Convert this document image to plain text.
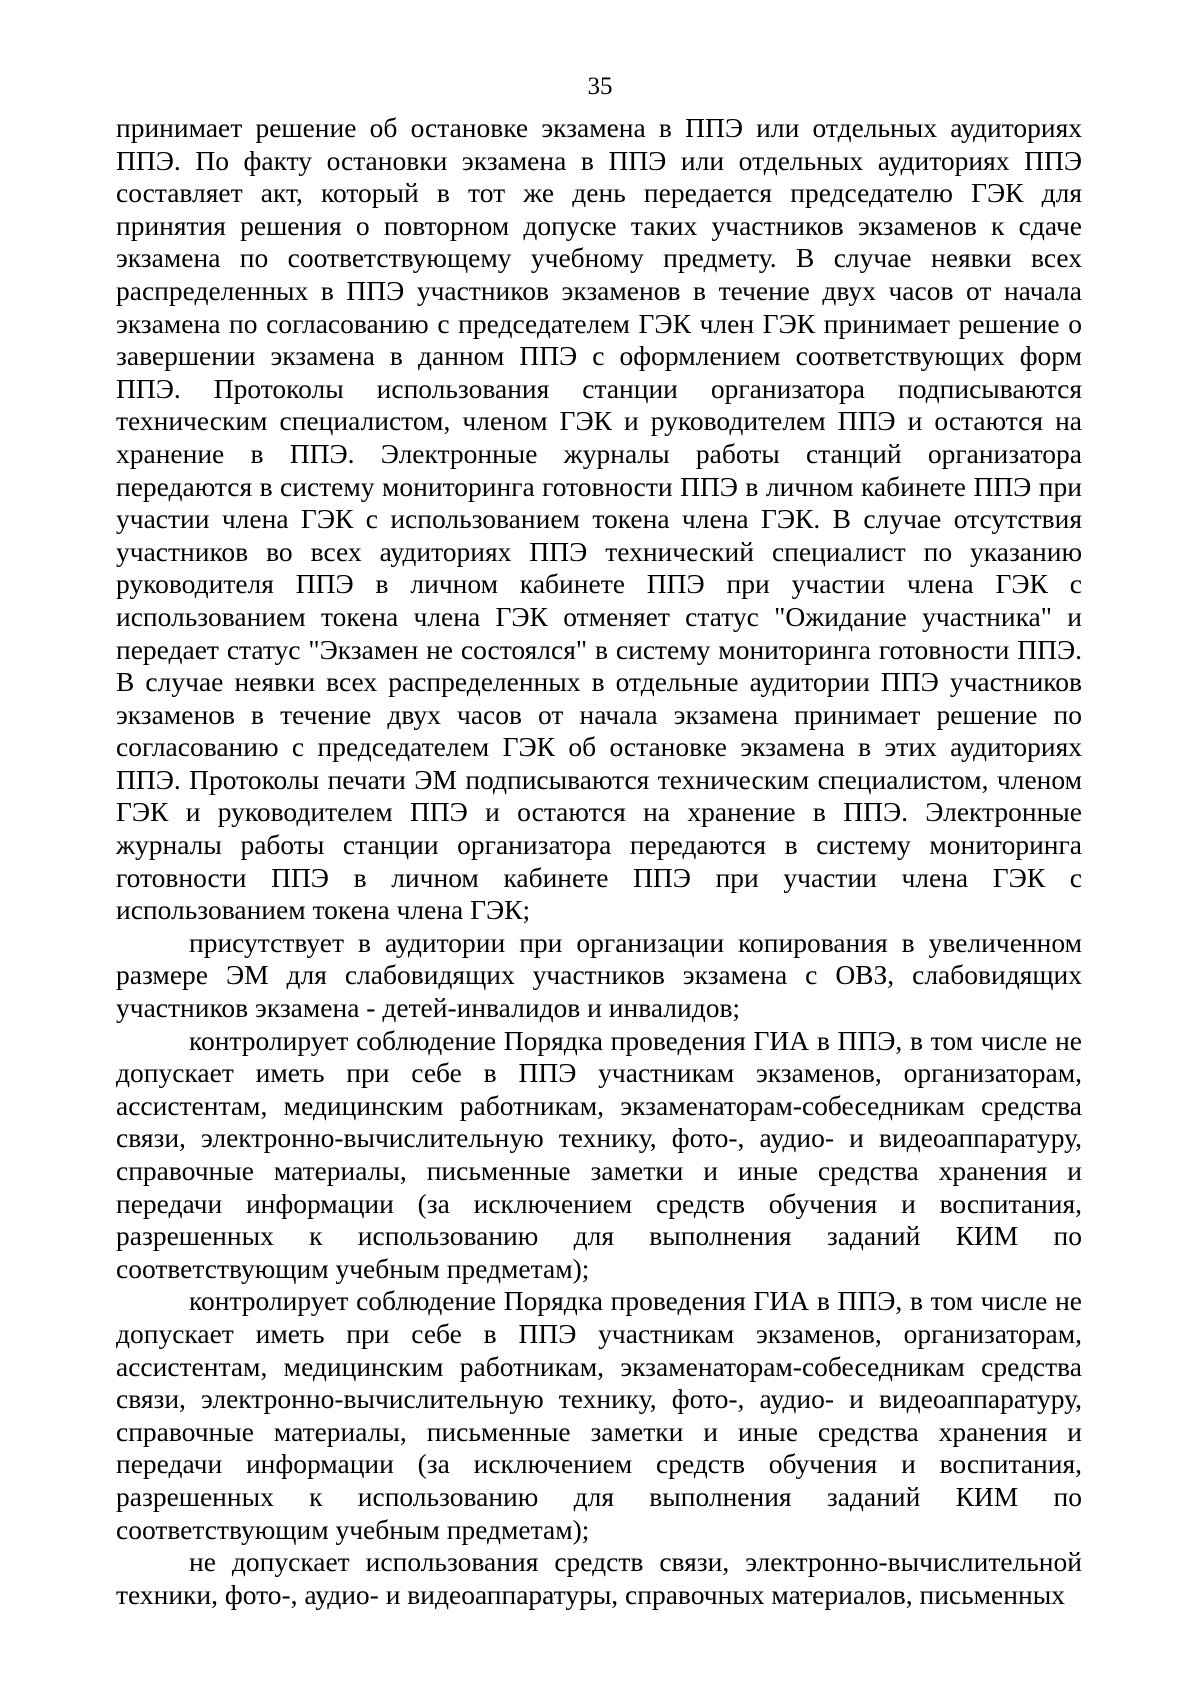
35

принимает решение об остановке экзамена в ППЭ или отдельных аудиториях ППЭ. По факту остановки экзамена в ППЭ или отдельных аудиториях ППЭ составляет акт, который в тот же день передается председателю ГЭК для принятия решения о повторном допуске таких участников экзаменов к сдаче экзамена по соответствующему учебному предмету. В случае неявки всех распределенных в ППЭ участников экзаменов в течение двух часов от начала экзамена по согласованию с председателем ГЭК член ГЭК принимает решение о завершении экзамена в данном ППЭ с оформлением соответствующих форм ППЭ. Протоколы использования станции организатора подписываются техническим специалистом, членом ГЭК и руководителем ППЭ и остаются на хранение в ППЭ. Электронные журналы работы станций организатора передаются в систему мониторинга готовности ППЭ в личном кабинете ППЭ при участии члена ГЭК с использованием токена члена ГЭК. В случае отсутствия участников во всех аудиториях ППЭ технический специалист по указанию руководителя ППЭ в личном кабинете ППЭ при участии члена ГЭК с использованием токена члена ГЭК отменяет статус "Ожидание участника" и передает статус "Экзамен не состоялся" в систему мониторинга готовности ППЭ. В случае неявки всех распределенных в отдельные аудитории ППЭ участников экзаменов в течение двух часов от начала экзамена принимает решение по согласованию с председателем ГЭК об остановке экзамена в этих аудиториях ППЭ. Протоколы печати ЭМ подписываются техническим специалистом, членом ГЭК и руководителем ППЭ и остаются на хранение в ППЭ. Электронные журналы работы станции организатора передаются в систему мониторинга готовности ППЭ в личном кабинете ППЭ при участии члена ГЭК с использованием токена члена ГЭК;

присутствует в аудитории при организации копирования в увеличенном размере ЭМ для слабовидящих участников экзамена с ОВЗ, слабовидящих участников экзамена - детей-инвалидов и инвалидов;

контролирует соблюдение Порядка проведения ГИА в ППЭ, в том числе не допускает иметь при себе в ППЭ участникам экзаменов, организаторам, ассистентам, медицинским работникам, экзаменаторам-собеседникам средства связи, электронно-вычислительную технику, фото-, аудио- и видеоаппаратуру, справочные материалы, письменные заметки и иные средства хранения и передачи информации (за исключением средств обучения и воспитания, разрешенных к использованию для выполнения заданий КИМ по соответствующим учебным предметам);

контролирует соблюдение Порядка проведения ГИА в ППЭ, в том числе не допускает иметь при себе в ППЭ участникам экзаменов, организаторам, ассистентам, медицинским работникам, экзаменаторам-собеседникам средства связи, электронно-вычислительную технику, фото-, аудио- и видеоаппаратуру, справочные материалы, письменные заметки и иные средства хранения и передачи информации (за исключением средств обучения и воспитания, разрешенных к использованию для выполнения заданий КИМ по соответствующим учебным предметам);

не допускает использования средств связи, электронно-вычислительной техники, фото-, аудио- и видеоаппаратуры, справочных материалов, письменных
